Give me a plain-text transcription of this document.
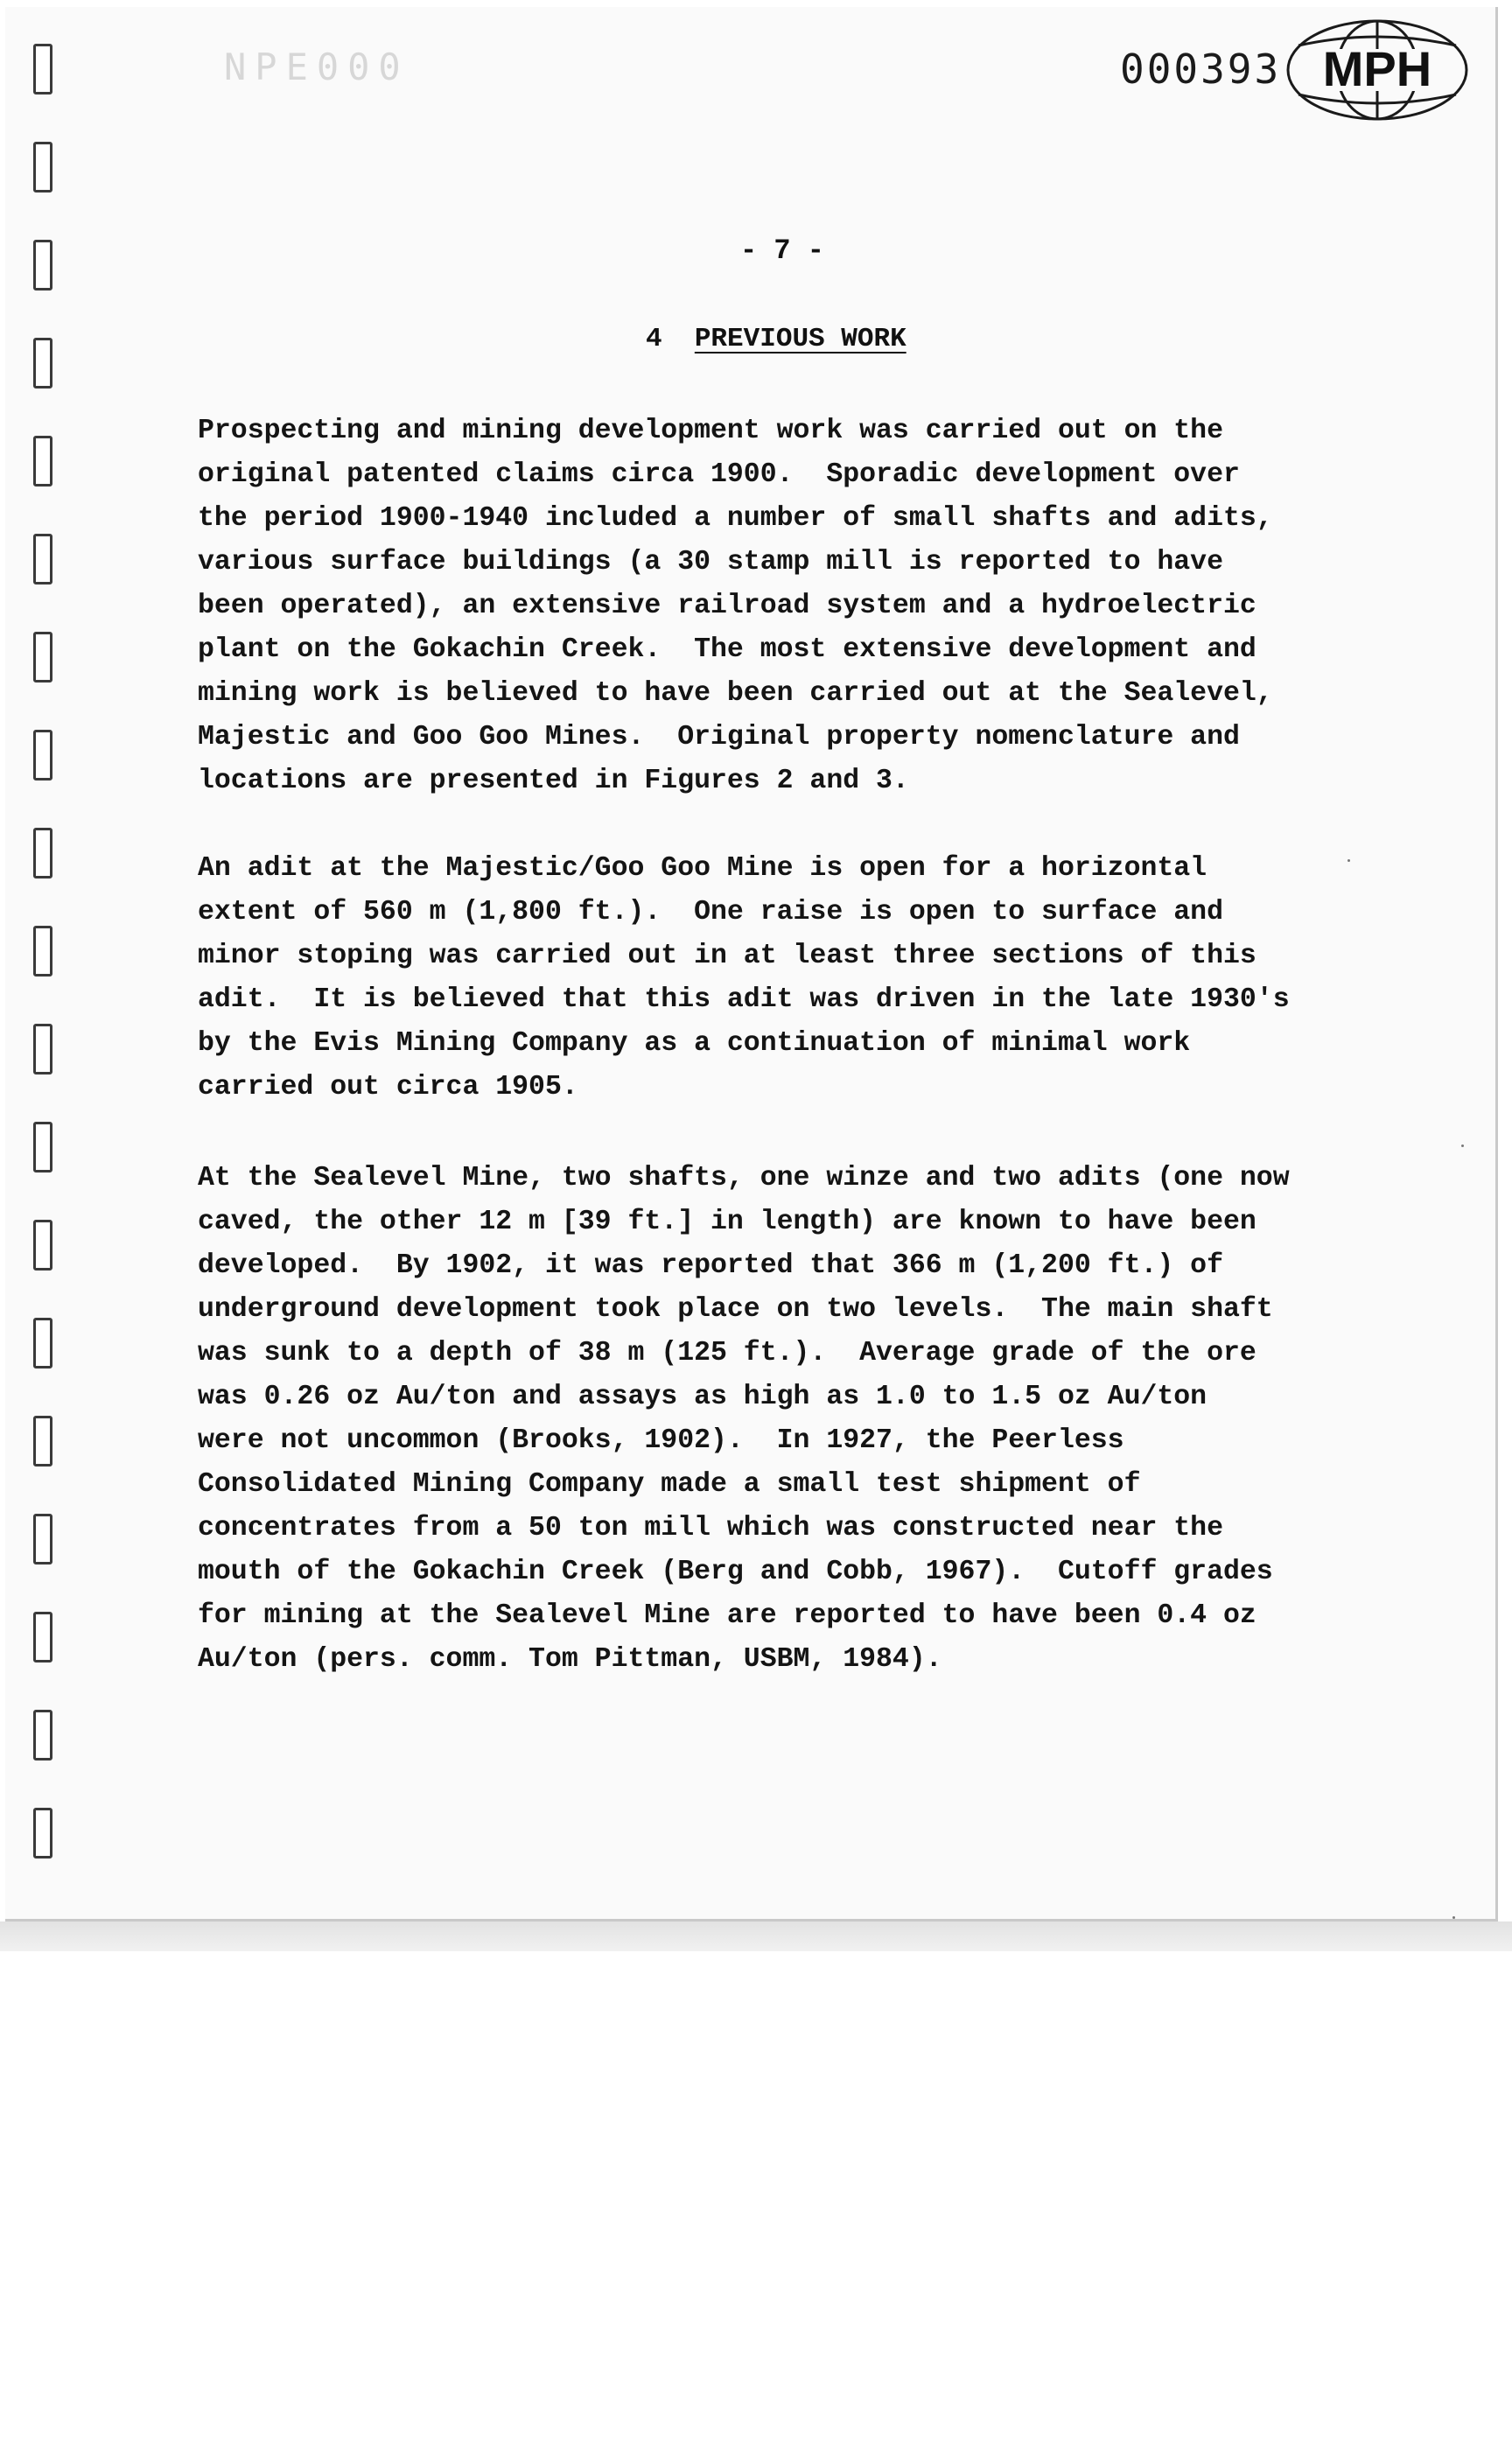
NPE000	000393 MPH
- 7 -
4 PREVIOUS WORK
Prospecting and mining development work was carried out on the
original patented claims circa 1900.  Sporadic development over
the period 1900-1940 included a number of small shafts and adits,
various surface buildings (a 30 stamp mill is reported to have
been operated), an extensive railroad system and a hydroelectric
plant on the Gokachin Creek.  The most extensive development and
mining work is believed to have been carried out at the Sealevel,
Majestic and Goo Goo Mines.  Original property nomenclature and
locations are presented in Figures 2 and 3.
An adit at the Majestic/Goo Goo Mine is open for a horizontal
extent of 560 m (1,800 ft.).  One raise is open to surface and
minor stoping was carried out in at least three sections of this
adit.  It is believed that this adit was driven in the late 1930's
by the Evis Mining Company as a continuation of minimal work
carried out circa 1905.
At the Sealevel Mine, two shafts, one winze and two adits (one now
caved, the other 12 m [39 ft.] in length) are known to have been
developed.  By 1902, it was reported that 366 m (1,200 ft.) of
underground development took place on two levels.  The main shaft
was sunk to a depth of 38 m (125 ft.).  Average grade of the ore
was 0.26 oz Au/ton and assays as high as 1.0 to 1.5 oz Au/ton
were not uncommon (Brooks, 1902).  In 1927, the Peerless
Consolidated Mining Company made a small test shipment of
concentrates from a 50 ton mill which was constructed near the
mouth of the Gokachin Creek (Berg and Cobb, 1967).  Cutoff grades
for mining at the Sealevel Mine are reported to have been 0.4 oz
Au/ton (pers. comm. Tom Pittman, USBM, 1984).
